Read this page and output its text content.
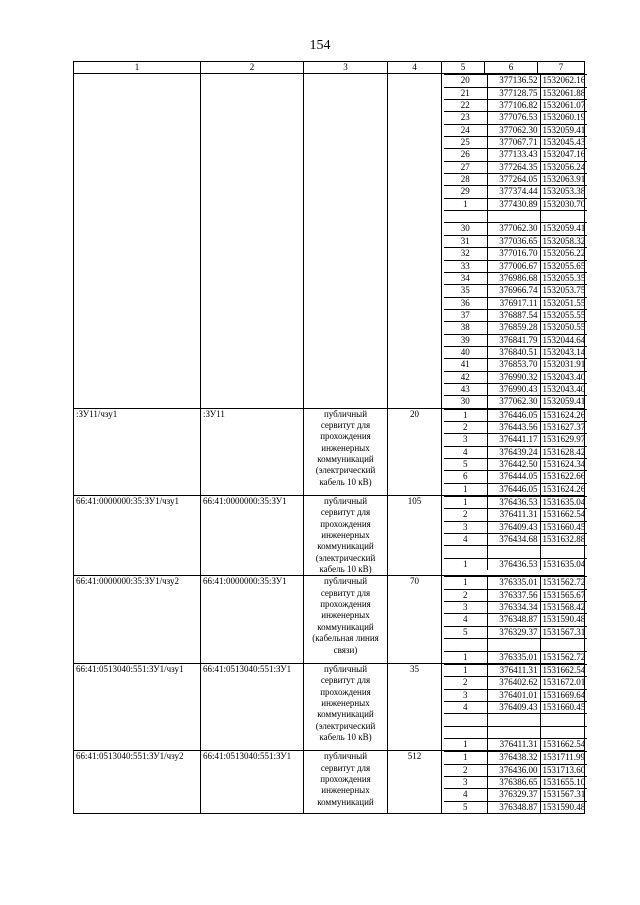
154
1	2	3	4	5	6	7

20	377136.52	1532062.16
21	377128.75	1532061.88
22	377106.82	1532061.07
23	377076.53	1532060.19
24	377062.30	1532059.41
25	377067.71	1532045.43
26	377133.43	1532047.16
27	377264.35	1532056.24
28	377264.05	1532063.91
29	377374.44	1532053.38
1	377430.89	1532030.70

30	377062.30	1532059.41
31	377036.65	1532058.32
32	377016.70	1532056.22
33	377006.67	1532055.65
34	376986.68	1532055.35
35	376966.74	1532053.75
36	376917.11	1532051.55
37	376887.54	1532055.55
38	376859.28	1532050.55
39	376841.79	1532044.64
40	376840.51	1532043.14
41	376853.70	1532031.91
42	376990.32	1532043.40
43	376990.43	1532043.40
30	377062.30	1532059.41

:ЗУ11/чзу1	:ЗУ11	публичный сервитут для прохождения инженерных коммуникаций (электрический кабель 10 кВ)	20		1	376446.05	1531624.26
2	376443.56	1531627.37
3	376441.17	1531629.97
4	376439.24	1531628.42
5	376442.50	1531624.34
6	376444.05	1531622.66
1	376446.05	1531624.26

66:41:0000000:35:ЗУ1/чзу1	66:41:0000000:35:ЗУ1	публичный сервитут для прохождения инженерных коммуникаций (электрический кабель 10 кВ)	105		1	376436.53	1531635.04
2	376411.31	1531662.54
3	376409.43	1531660.45
4	376434.68	1531632.88

1	376436.53	1531635.04

66:41:0000000:35:ЗУ1/чзу2	66:41:0000000:35:ЗУ1	публичный сервитут для прохождения инженерных коммуникаций (кабельная линия связи)	70		1	376335.01	1531562.72
2	376337.56	1531565.67
3	376334.34	1531568.42
4	376348.87	1531590.48
5	376329.37	1531567.31

1	376335.01	1531562.72

66:41:0513040:551:ЗУ1/чзу1	66:41:0513040:551:ЗУ1	публичный сервитут для прохождения инженерных коммуникаций (электрический кабель 10 кВ)	35		1	376411.31	1531662.54
2	376402.62	1531672.01
3	376401.01	1531669.64
4	376409.43	1531660.45

1	376411.31	1531662.54

66:41:0513040:551:ЗУ1/чзу2	66:41:0513040:551:ЗУ1	публичный сервитут для прохождения инженерных коммуникаций	512		1	376438.32	1531711.99
2	376436.00	1531713.60
3	376386.65	1531655.10
4	376329.37	1531567.31
5	376348.87	1531590.48
